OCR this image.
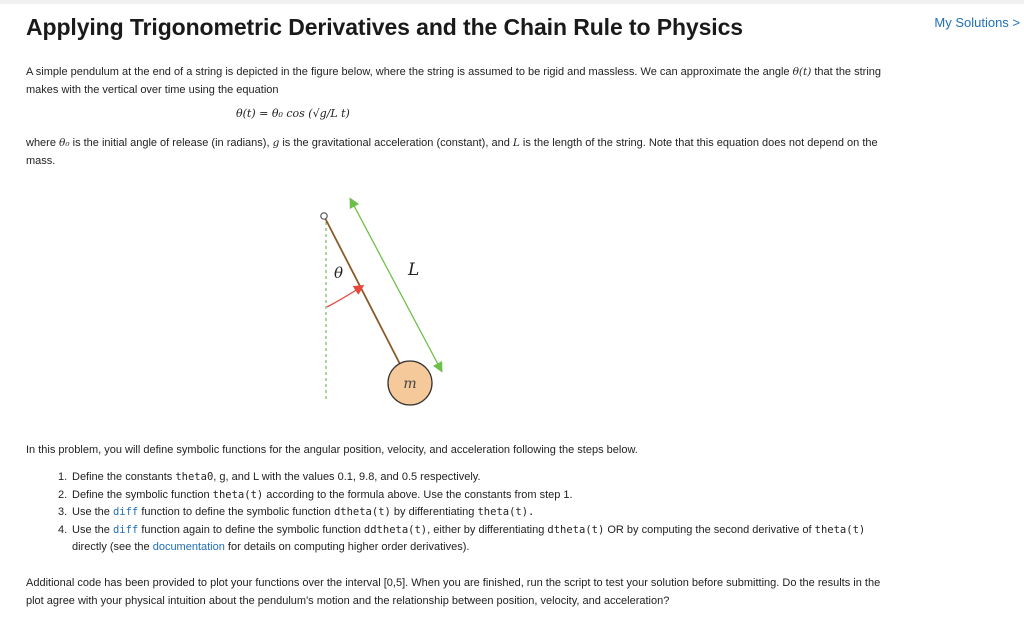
Applying Trigonometric Derivatives and the Chain Rule to Physics	My Solutions >

A simple pendulum at the end of a string is depicted in the figure below, where the string is assumed to be rigid and massless. We can approximate the angle θ(t) that the string
makes with the vertical over time using the equation

θ(t) = θ₀ cos (√g/L t)

where θ₀ is the initial angle of release (in radians), g is the gravitational acceleration (constant), and L is the length of the string. Note that this equation does not depend on the
mass.

θ	L
m

In this problem, you will define symbolic functions for the angular position, velocity, and acceleration following the steps below.

1. Define the constants theta0, g, and L with the values 0.1, 9.8, and 0.5 respectively.
2. Define the symbolic function theta(t) according to the formula above. Use the constants from step 1.
3. Use the diff function to define the symbolic function dtheta(t) by differentiating theta(t).
4. Use the diff function again to define the symbolic function ddtheta(t), either by differentiating dtheta(t) OR by computing the second derivative of theta(t)
directly (see the documentation for details on computing higher order derivatives).

Additional code has been provided to plot your functions over the interval [0,5]. When you are finished, run the script to test your solution before submitting. Do the results in the
plot agree with your physical intuition about the pendulum's motion and the relationship between position, velocity, and acceleration?
